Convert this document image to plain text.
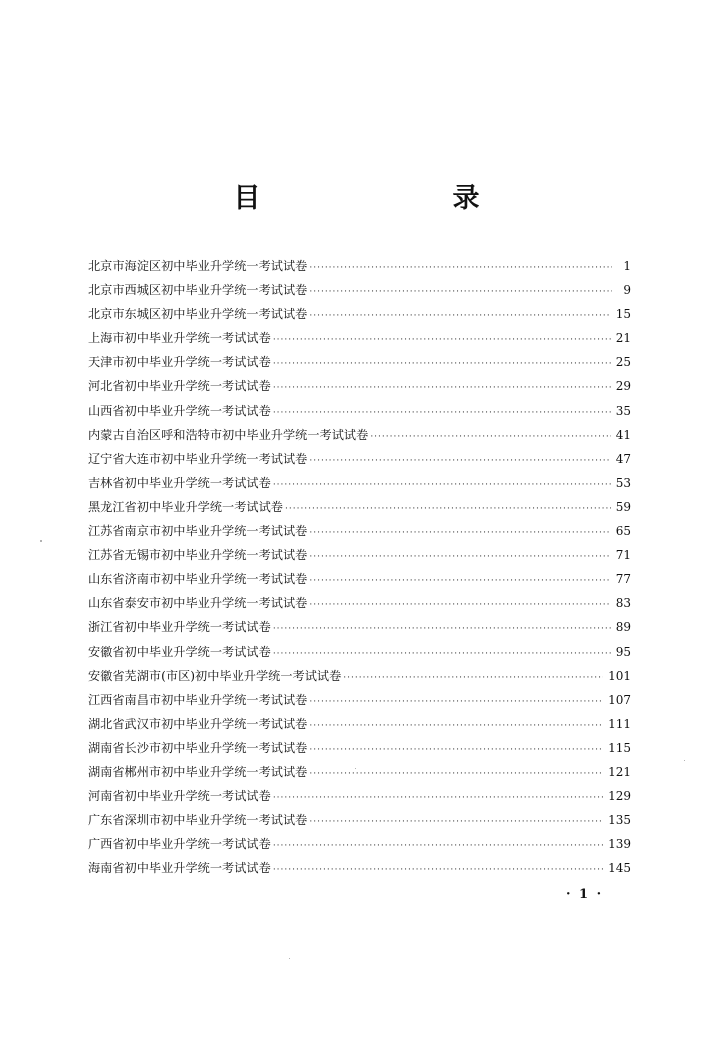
目　　录
北京市海淀区初中毕业升学统一考试试卷 ·····	1
北京市西城区初中毕业升学统一考试试卷 ·····	9
北京市东城区初中毕业升学统一考试试卷 ·····	15
上海市初中毕业升学统一考试试卷 ·····	21
天津市初中毕业升学统一考试试卷 ·····	25
河北省初中毕业升学统一考试试卷 ·····	29
山西省初中毕业升学统一考试试卷 ·····	35
内蒙古自治区呼和浩特市初中毕业升学统一考试试卷 ·····	41
辽宁省大连市初中毕业升学统一考试试卷 ·····	47
吉林省初中毕业升学统一考试试卷 ·····	53
黑龙江省初中毕业升学统一考试试卷 ·····	59
江苏省南京市初中毕业升学统一考试试卷 ·····	65
江苏省无锡市初中毕业升学统一考试试卷 ·····	71
山东省济南市初中毕业升学统一考试试卷 ·····	77
山东省泰安市初中毕业升学统一考试试卷 ·····	83
浙江省初中毕业升学统一考试试卷 ·····	89
安徽省初中毕业升学统一考试试卷 ·····	95
安徽省芜湖市(市区)初中毕业升学统一考试试卷 ·····	101
江西省南昌市初中毕业升学统一考试试卷 ·····	107
湖北省武汉市初中毕业升学统一考试试卷 ·····	111
湖南省长沙市初中毕业升学统一考试试卷 ·····	115
湖南省郴州市初中毕业升学统一考试试卷 ·····	121
河南省初中毕业升学统一考试试卷 ·····	129
广东省深圳市初中毕业升学统一考试试卷 ·····	135
广西省初中毕业升学统一考试试卷 ·····	139
海南省初中毕业升学统一考试试卷 ·····	145
· 1 ·
